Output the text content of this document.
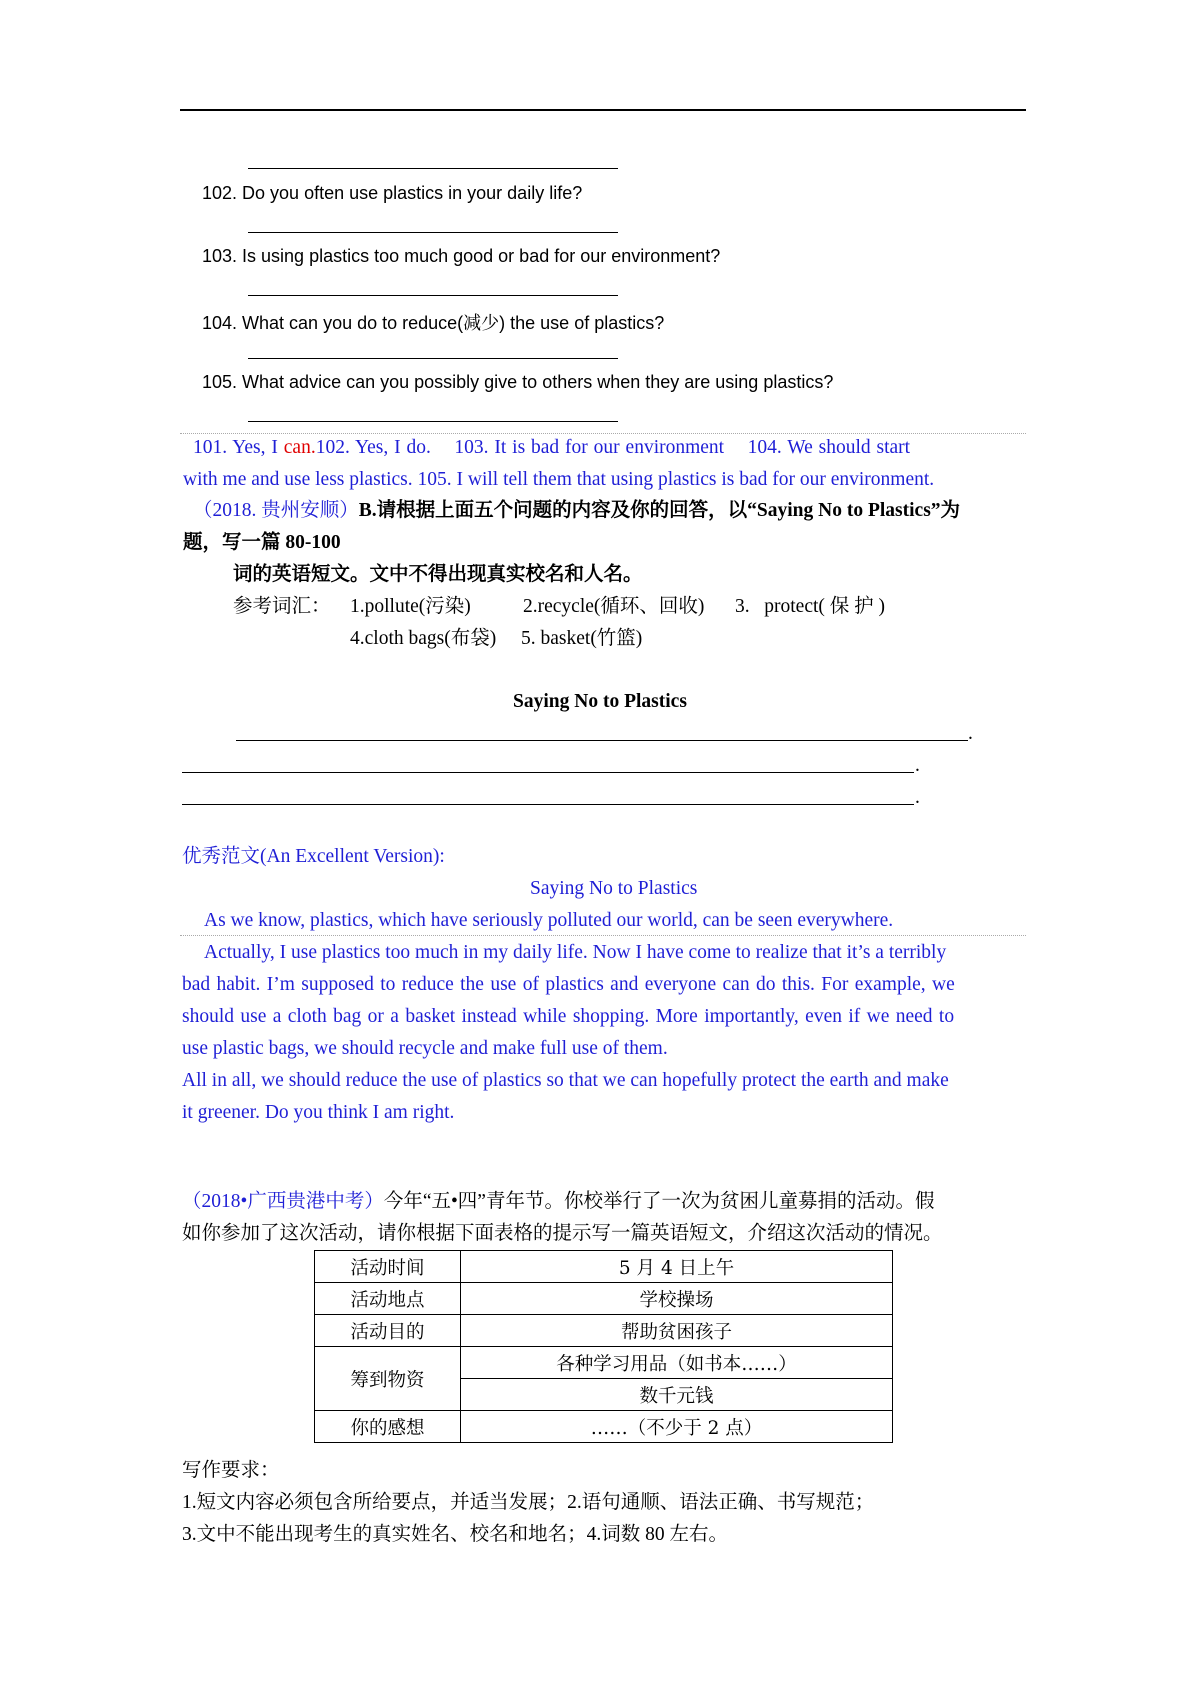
102. Do you often use plastics in your daily life?
103. Is using plastics too much good or bad for our environment?
104. What can you do to reduce(减少) the use of plastics?
105. What advice can you possibly give to others when they are using plastics?
101. Yes, I can.102. Yes, I do.    103. It is bad for our environment    104. We should start
with me and use less plastics. 105. I will tell them that using plastics is bad for our environment.
（2018. 贵州安顺）B.请根据上面五个问题的内容及你的回答，以“Saying No to Plastics”为
题，写一篇 80-100
词的英语短文。文中不得出现真实校名和人名。
参考词汇： 1.pollute(污染)	2.recycle(循环、回收) 3.   protect( 保 护 )
4.cloth bags(布袋) 5. basket(竹篮)
Saying No to Plastics
.
.
.
优秀范文(An Excellent Version):
Saying No to Plastics
As we know, plastics, which have seriously polluted our world, can be seen everywhere.
Actually, I use plastics too much in my daily life. Now I have come to realize that it’s a terribly
bad habit. I’m supposed to reduce the use of plastics and everyone can do this. For example, we
should use a cloth bag or a basket instead while shopping. More importantly, even if we need to
use plastic bags, we should recycle and make full use of them.
All in all, we should reduce the use of plastics so that we can hopefully protect the earth and make
it greener. Do you think I am right.
（2018•广西贵港中考）今年“五•四”青年节。你校举行了一次为贫困儿童募捐的活动。假
如你参加了这次活动，请你根据下面表格的提示写一篇英语短文，介绍这次活动的情况。
活动时间	5 月 4 日上午
活动地点	学校操场
活动目的	帮助贫困孩子
筹到物资	各种学习用品（如书本……）
	数千元钱
你的感想	……（不少于 2 点）
写作要求：
1.短文内容必须包含所给要点，并适当发展；2.语句通顺、语法正确、书写规范；
3.文中不能出现考生的真实姓名、校名和地名；4.词数 80 左右。
